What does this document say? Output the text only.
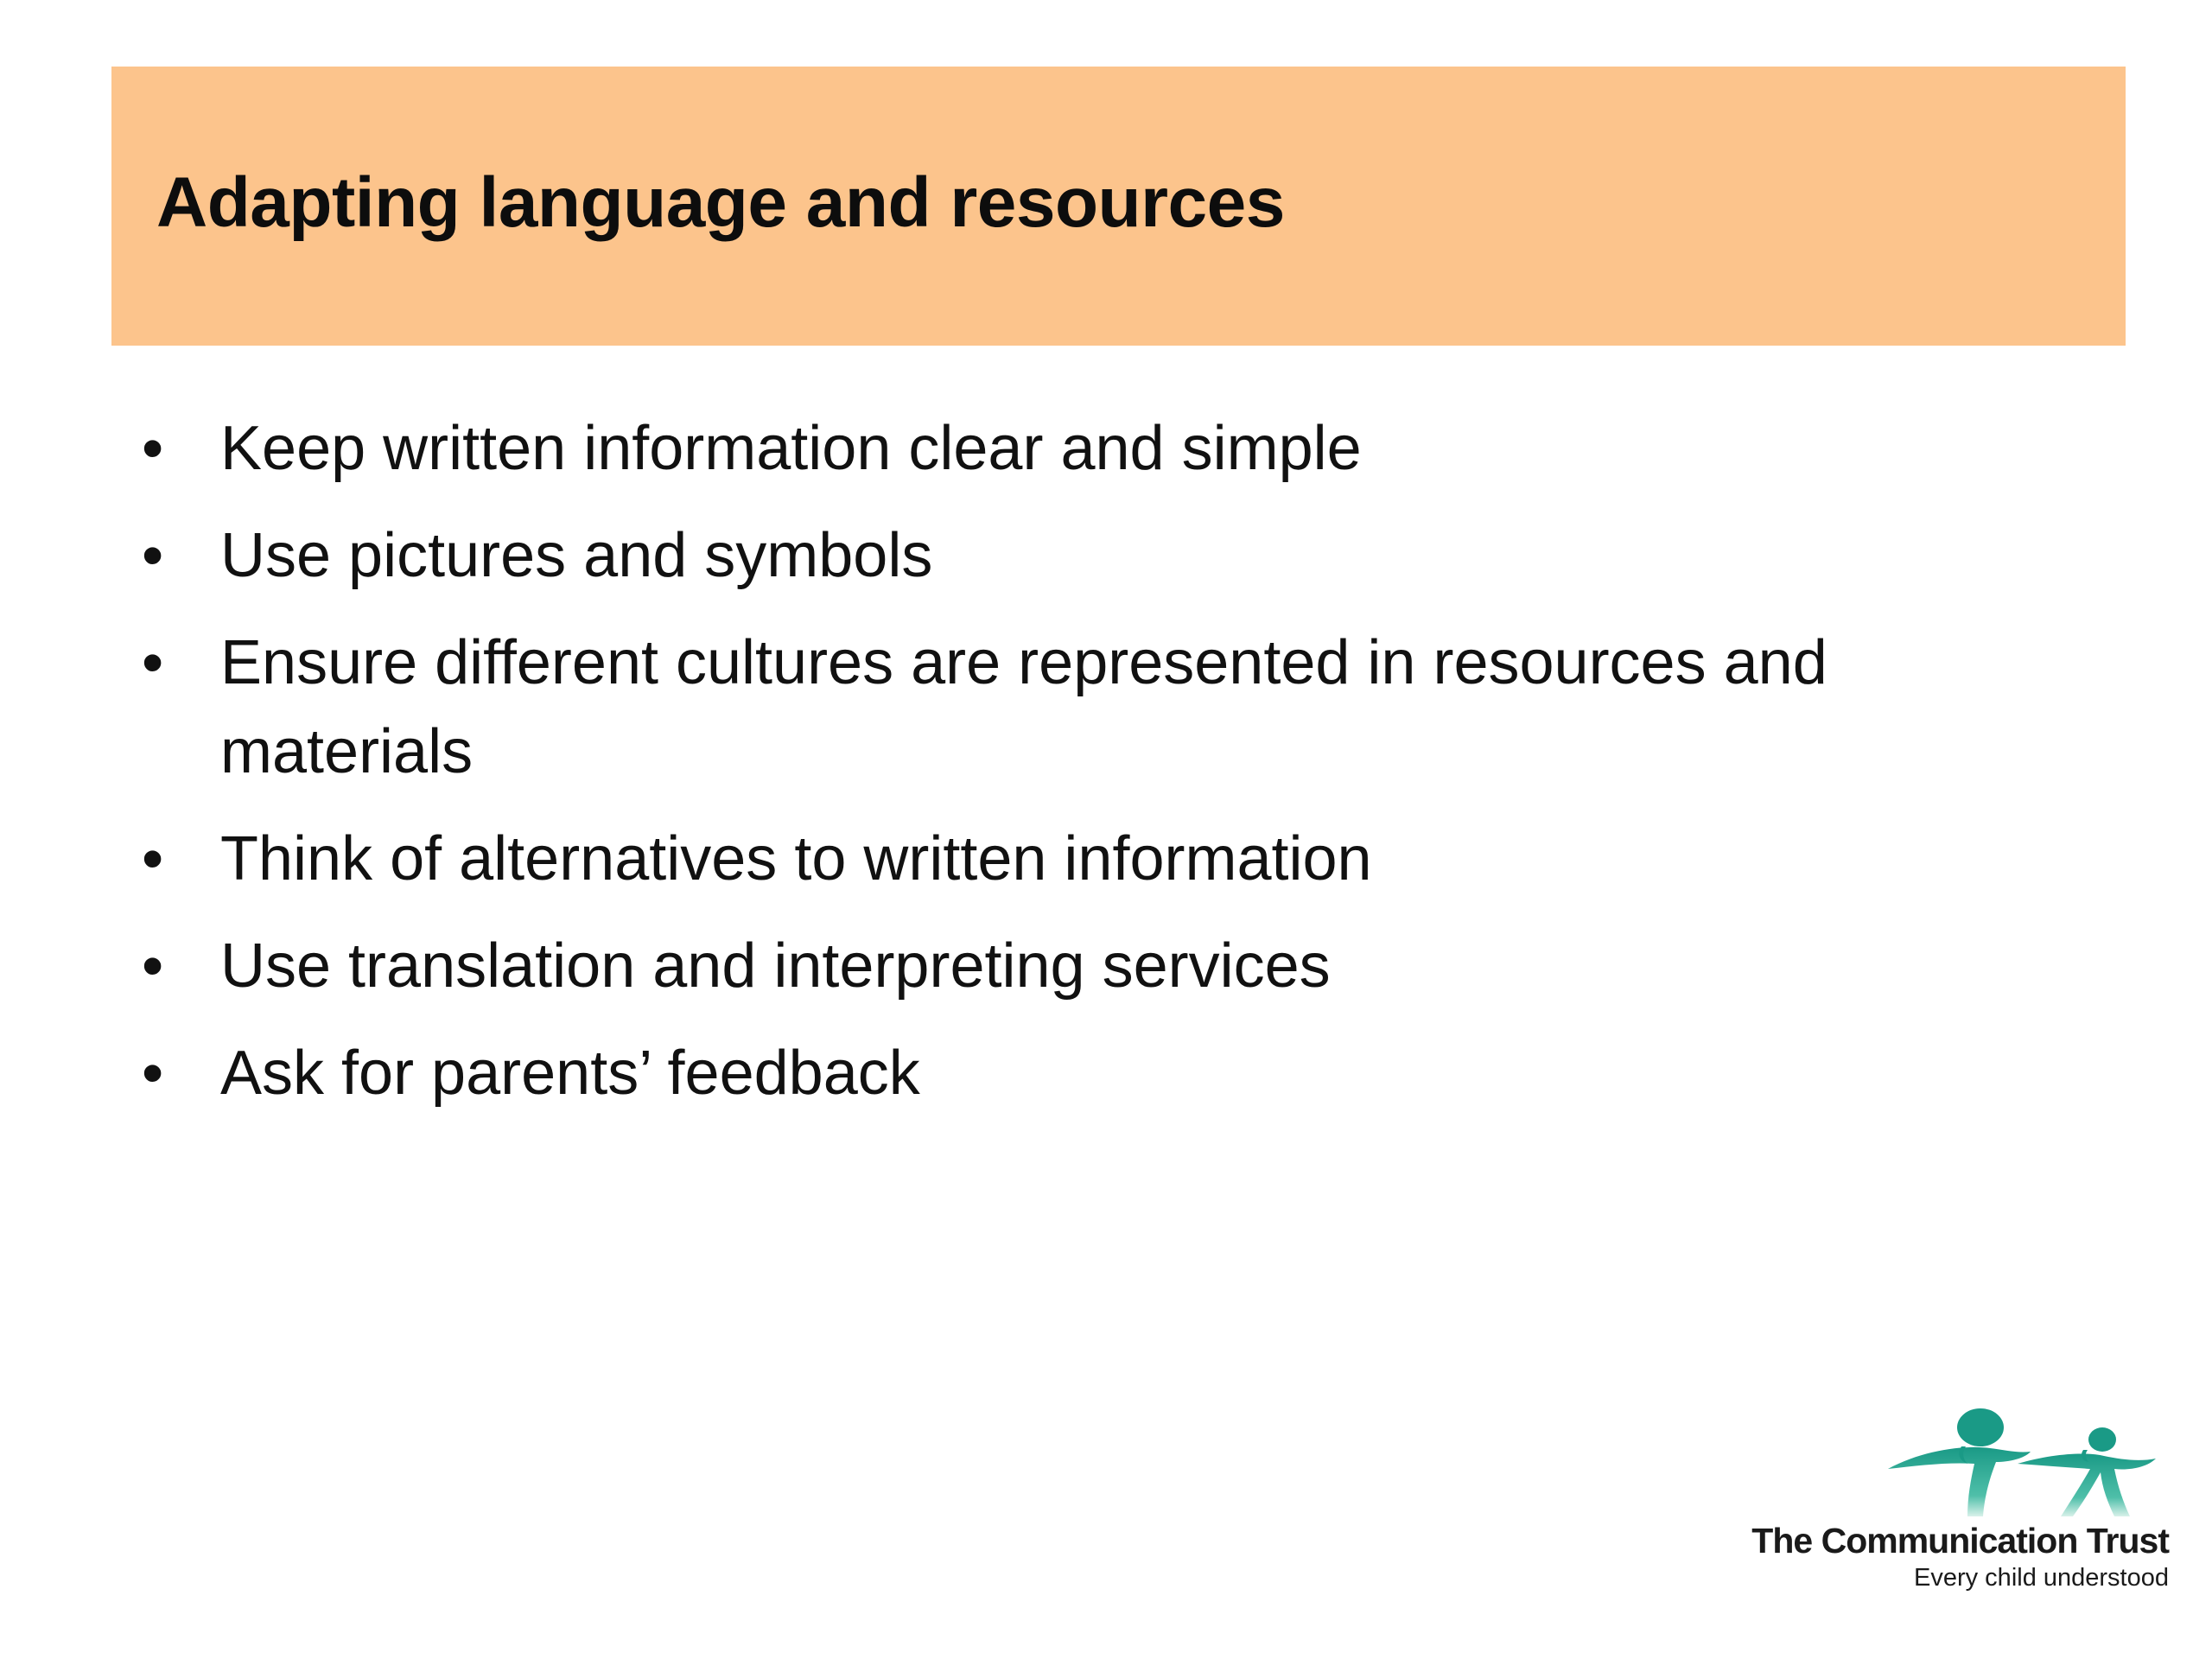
Adapting language and resources
• Keep written information clear and simple
• Use pictures and symbols
• Ensure different cultures are represented in resources and materials
• Think of alternatives to written information
• Use translation and interpreting services
• Ask for parents’ feedback
The Communication Trust
Every child understood
